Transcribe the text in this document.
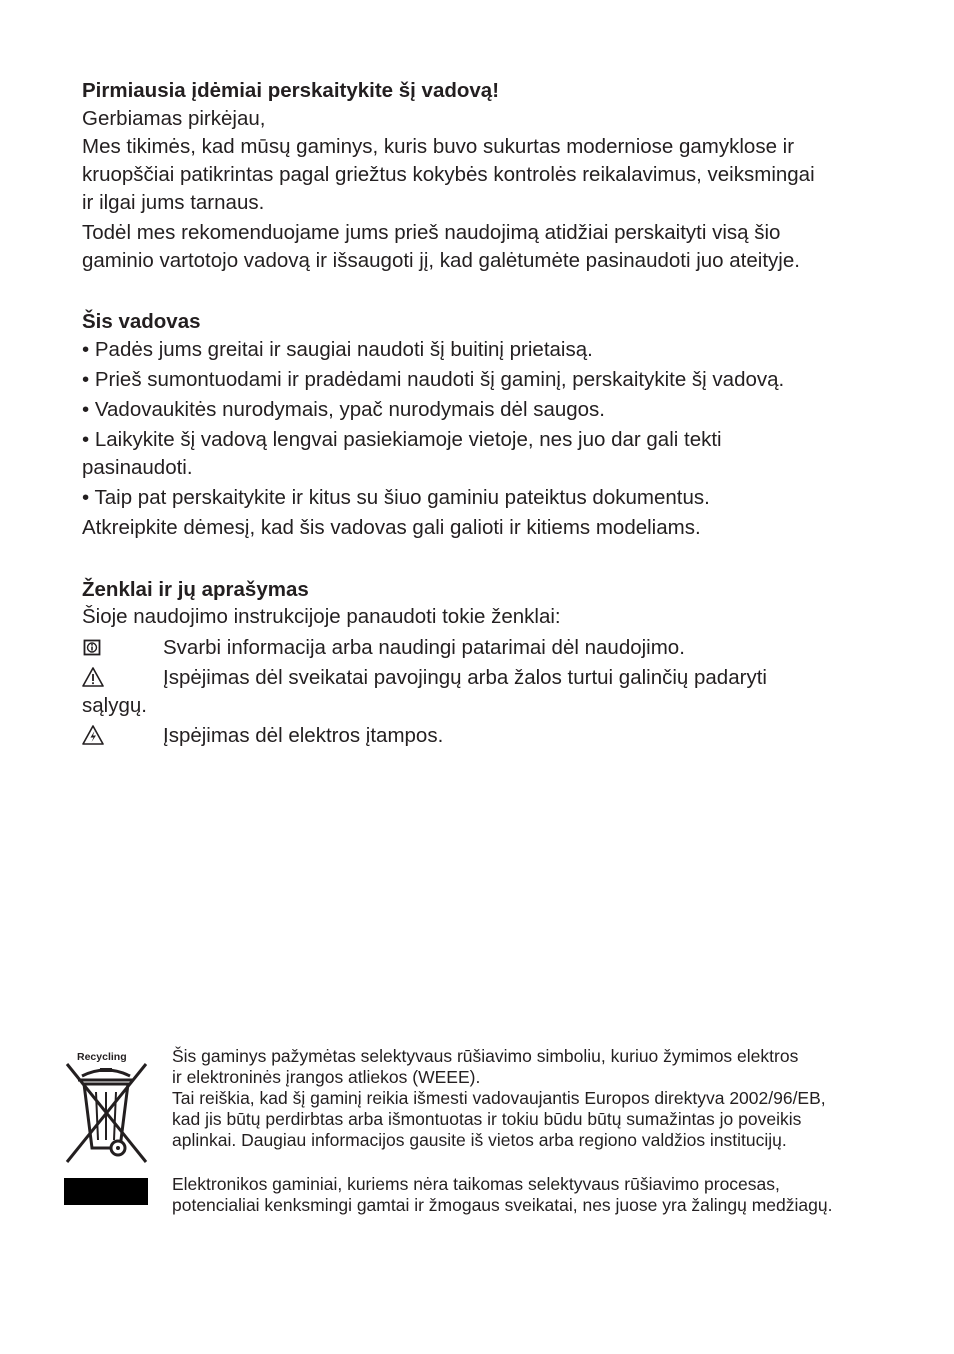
Pirmiausia įdėmiai perskaitykite šį vadovą!

Gerbiamas pirkėjau,

Mes tikimės, kad mūsų gaminys, kuris buvo sukurtas moderniose gamyklose ir
kruopščiai patikrintas pagal griežtus kokybės kontrolės reikalavimus, veiksmingai
ir ilgai jums tarnaus.

Todėl mes rekomenduojame jums prieš naudojimą atidžiai perskaityti visą šio
gaminio vartotojo vadovą ir išsaugoti jį, kad galėtumėte pasinaudoti juo ateityje.

Šis vadovas

• Padės jums greitai ir saugiai naudoti šį buitinį prietaisą.

• Prieš sumontuodami ir pradėdami naudoti šį gaminį, perskaitykite šį vadovą.

• Vadovaukitės nurodymais, ypač nurodymais dėl saugos.

• Laikykite šį vadovą lengvai pasiekiamoje vietoje, nes juo dar gali tekti
pasinaudoti.

• Taip pat perskaitykite ir kitus su šiuo gaminiu pateiktus dokumentus.

Atkreipkite dėmesį, kad šis vadovas gali galioti ir kitiems modeliams.

Ženklai ir jų aprašymas

Šioje naudojimo instrukcijoje panaudoti tokie ženklai:

Svarbi informacija arba naudingi patarimai dėl naudojimo.

Įspėjimas dėl sveikatai pavojingų arba žalos turtui galinčių padaryti

sąlygų.

Įspėjimas dėl elektros įtampos.

Recycling	Šis gaminys pažymėtas selektyvaus rūšiavimo simboliu, kuriuo žymimos elektros
ir elektroninės įrangos atliekos (WEEE).
Tai reiškia, kad šį gaminį reikia išmesti vadovaujantis Europos direktyva 2002/96/EB,
kad jis būtų perdirbtas arba išmontuotas ir tokiu būdu būtų sumažintas jo poveikis
aplinkai. Daugiau informacijos gausite iš vietos arba regiono valdžios institucijų.

Elektronikos gaminiai, kuriems nėra taikomas selektyvaus rūšiavimo procesas,
potencialiai kenksmingi gamtai ir žmogaus sveikatai, nes juose yra žalingų medžiagų.
